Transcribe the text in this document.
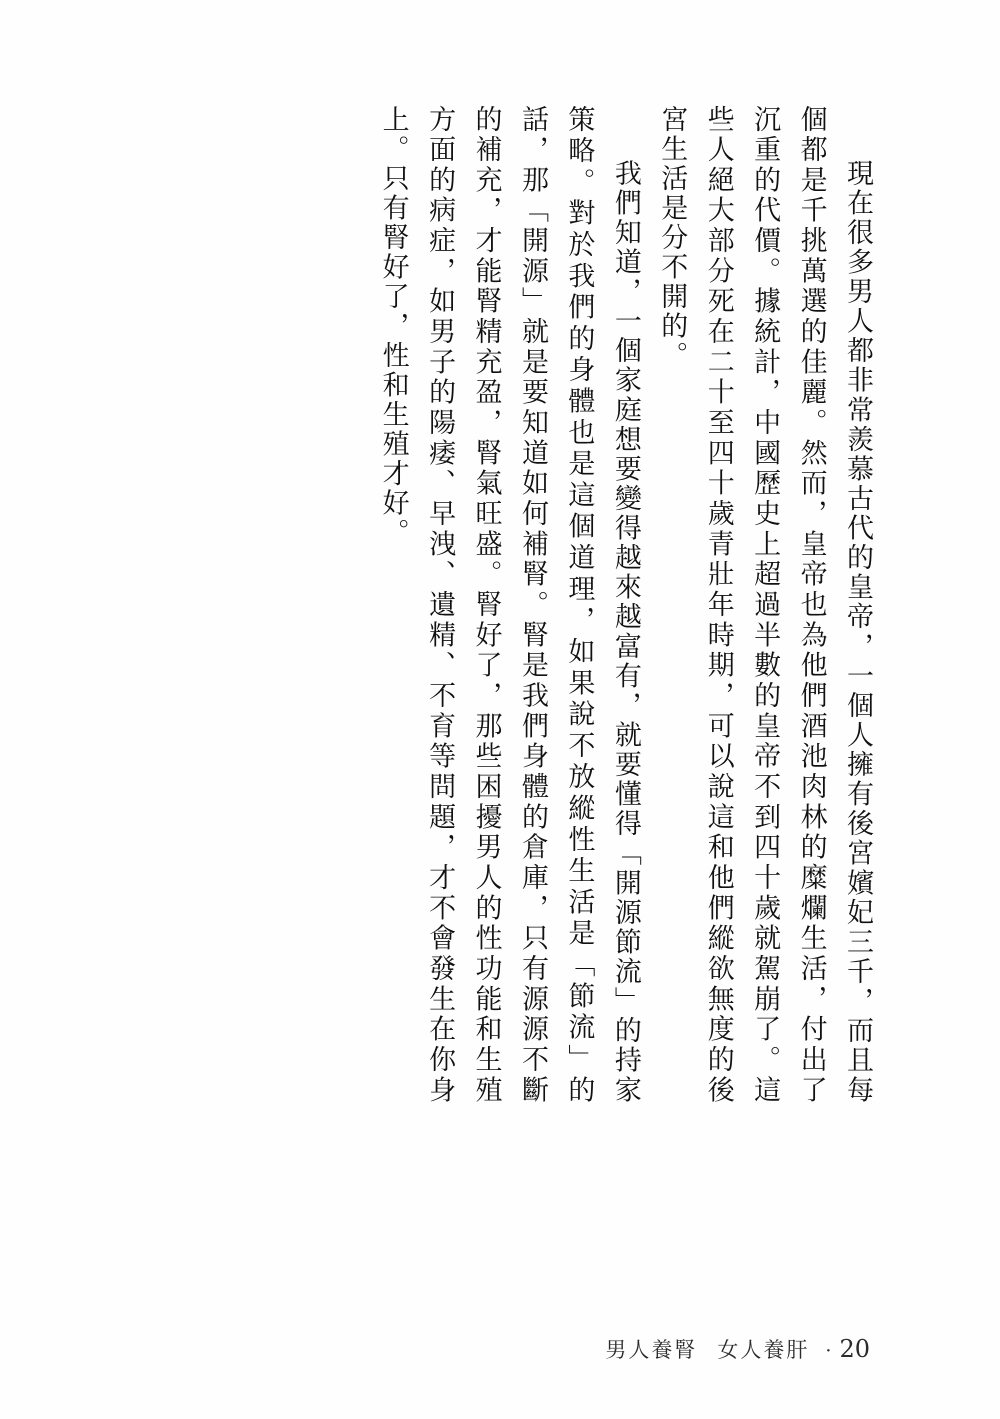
現在很多男人都非常羨慕古代的皇帝，一個人擁有後宮嬪妃三千，而且每個都是千挑萬選的佳麗。然而，皇帝也為他們酒池肉林的糜爛生活，付出了沉重的代價。據統計，中國歷史上超過半數的皇帝不到四十歲就駕崩了。這些人絕大部分死在二十至四十歲青壯年時期，可以說這和他們縱欲無度的後宮生活是分不開的。

我們知道，一個家庭想要變得越來越富有，就要懂得「開源節流」的持家策略。對於我們的身體也是這個道理，如果說不放縱性生活是「節流」的話，那「開源」就是要知道如何補腎。腎是我們身體的倉庫，只有源源不斷的補充，才能腎精充盈，腎氣旺盛。腎好了，那些困擾男人的性功能和生殖方面的病症，如男子的陽痿、早洩、遺精、不育等問題，才不會發生在你身上。只有腎好了，性和生殖才好。

男人養腎 女人養肝 · 20
